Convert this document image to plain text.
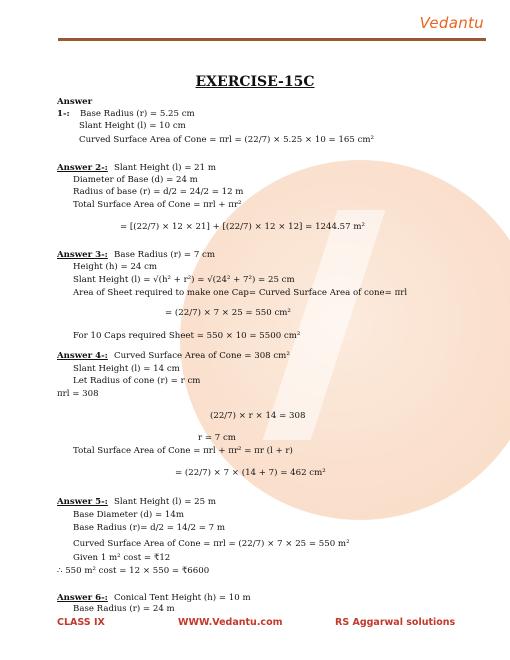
Vedantu
EXERCISE-15C
Answer
1-: Base Radius (r) = 5.25 cm
Slant Height (l) = 10 cm
Curved Surface Area of Cone = πrl = (22/7) × 5.25 × 10 = 165 cm²
Answer 2-: Slant Height (l) = 21 m
Diameter of Base (d) = 24 m
Radius of base (r) = d/2 = 24/2 = 12 m
Total Surface Area of Cone = πrl + πr²
= [(22/7) × 12 × 21] + [(22/7) × 12 × 12] = 1244.57 m²
Answer 3-: Base Radius (r) = 7 cm
Height (h) = 24 cm
Slant Height (l) = √(h² + r²) = √(24² + 7²) = 25 cm
Area of Sheet required to make one Cap= Curved Surface Area of cone= πrl
= (22/7) × 7 × 25 = 550 cm²
For 10 Caps required Sheet = 550 × 10 = 5500 cm²
Answer 4-: Curved Surface Area of Cone = 308 cm²
Slant Height (l) = 14 cm
Let Radius of cone (r) = r cm
πrl = 308
(22/7) × r × 14 = 308
r = 7 cm
Total Surface Area of Cone = πrl + πr² = πr (l + r)
= (22/7) × 7 × (14 + 7) = 462 cm²
Answer 5-: Slant Height (l) = 25 m
Base Diameter (d) = 14m
Base Radius (r)= d/2 = 14/2 = 7 m
Curved Surface Area of Cone = πrl = (22/7) × 7 × 25 = 550 m²
Given 1 m² cost = ₹12
∴ 550 m² cost = 12 × 550 = ₹6600
Answer 6-: Conical Tent Height (h) = 10 m
Base Radius (r) = 24 m
CLASS IX	WWW.Vedantu.com	RS Aggarwal solutions
